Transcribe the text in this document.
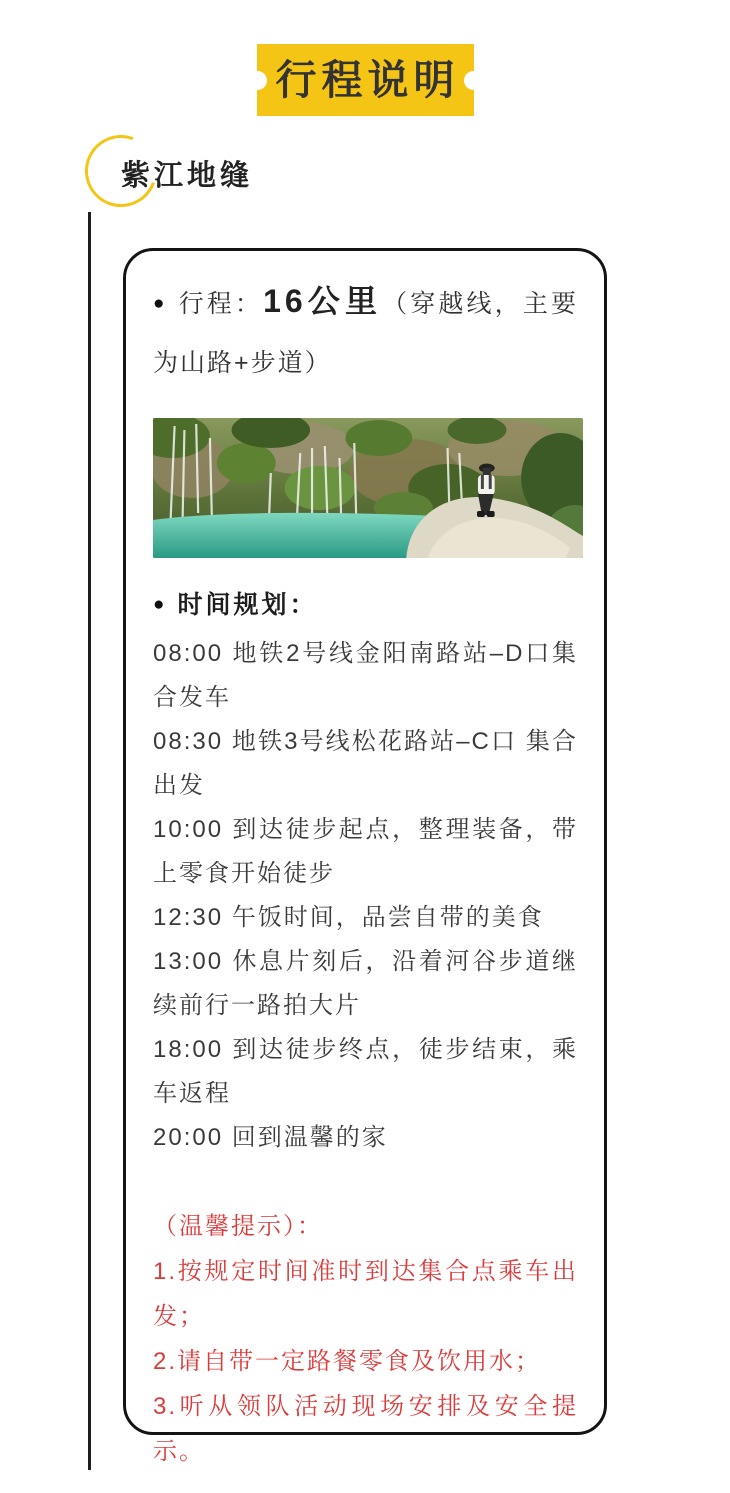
行程说明
紫江地缝

● 行程：16公里（穿越线，主要为山路+步道）

● 时间规划：

08:00 地铁2号线金阳南路站–D口集合发车

08:30 地铁3号线松花路站–C口 集合出发

10:00 到达徒步起点，整理装备，带上零食开始徒步

12:30 午饭时间，品尝自带的美食

13:00 休息片刻后，沿着河谷步道继续前行一路拍大片

18:00 到达徒步终点，徒步结束，乘车返程

20:00 回到温馨的家

（温馨提示）：

1.按规定时间准时到达集合点乘车出发；

2.请自带一定路餐零食及饮用水；

3.听从领队活动现场安排及安全提示。
